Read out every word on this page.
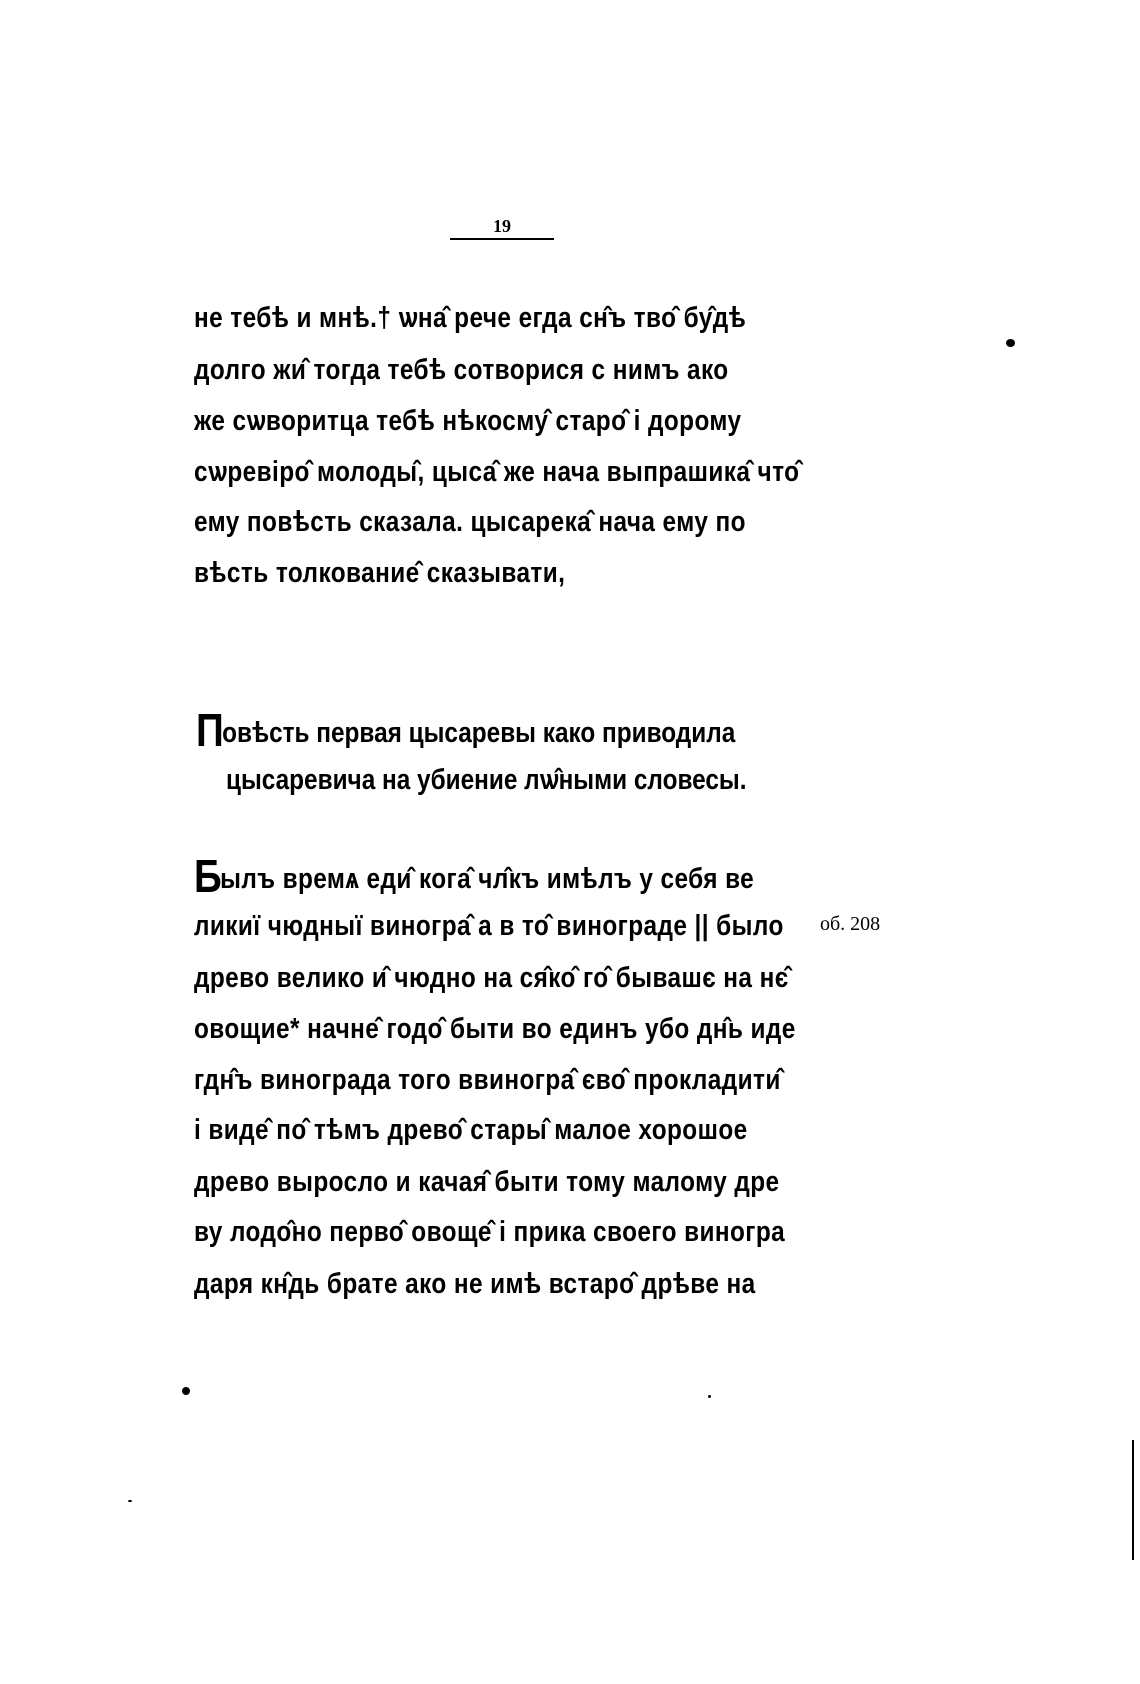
19
не тебѣ и мнѣ.† ѡна̂ рече егда сн̂ъ тво̂ бу̂дѣ
долго жи̂ тогда тебѣ сотворися с нимъ ако
же сѡворитца тебѣ нѣкосму̂ старо̂ і дорому
сѡревіро̂ молоды̂, цыса̂ же нача выпрашика̂ что̂
ему повѣсть сказала. цысарека̂ нача ему по
вѣсть толкование̂ сказывати,
Повѣсть первая цысаревы како приводила
цысаревича на убиение лѡ̂ными словесы.
Былъ времѧ еди̂ кога̂ чл̂къ имѣлъ у себя ве
ликиї чюдныї виногра̂ а в то̂ винограде || было
древо велико и̂ чюдно на ся̂ко̂ го̂ бывашє на нє̂
овощие* начне̂ годо̂ быти во единъ убо дн̂ь иде
гдн̂ъ винограда того ввиногра̂ єво̂ прокладити̂
і виде̂ по̂ тѣмъ древо̂ стары̂ малое хорошое
древо выросло и качая̂ быти тому малому дре
ву лодо̂но перво̂ овоще̂ і прика своего виногра
даря кн̂дь брате ако не имѣ встаро̂ дрѣве на
об. 208
